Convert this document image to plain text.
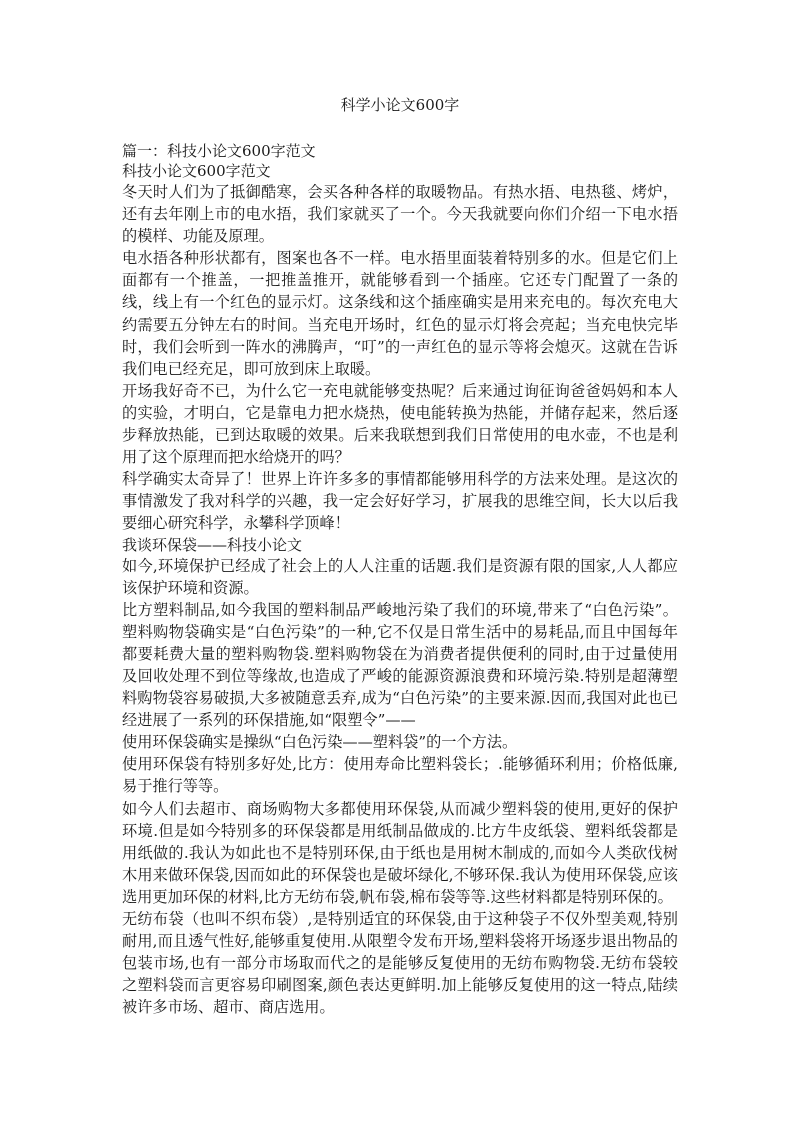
科学小论文600字
篇一：科技小论文600字范文
科技小论文600字范文

冬天时人们为了抵御酷寒，会买各种各样的取暖物品。有热水捂、电热毯、烤炉，还有去年刚上市的电水捂，我们家就买了一个。今天我就要向你们介绍一下电水捂的模样、功能及原理。

电水捂各种形状都有，图案也各不一样。电水捂里面装着特别多的水。但是它们上面都有一个推盖，一把推盖推开，就能够看到一个插座。它还专门配置了一条的线，线上有一个红色的显示灯。这条线和这个插座确实是用来充电的。每次充电大约需要五分钟左右的时间。当充电开场时，红色的显示灯将会亮起；当充电快完毕时，我们会听到一阵水的沸腾声，“叮”的一声红色的显示等将会熄灭。这就在告诉我们电已经充足，即可放到床上取暖。

开场我好奇不已，为什么它一充电就能够变热呢？后来通过询征询爸爸妈妈和本人的实验，才明白，它是靠电力把水烧热，使电能转换为热能，并储存起来，然后逐步释放热能，已到达取暖的效果。后来我联想到我们日常使用的电水壶，不也是利用了这个原理而把水给烧开的吗？

科学确实太奇异了！世界上许许多多的事情都能够用科学的方法来处理。是这次的事情激发了我对科学的兴趣，我一定会好好学习，扩展我的思维空间，长大以后我要细心研究科学，永攀科学顶峰！

我谈环保袋——科技小论文

如今,环境保护已经成了社会上的人人注重的话题.我们是资源有限的国家,人人都应该保护环境和资源。

比方塑料制品,如今我国的塑料制品严峻地污染了我们的环境,带来了“白色污染”。塑料购物袋确实是“白色污染”的一种,它不仅是日常生活中的易耗品,而且中国每年都要耗费大量的塑料购物袋.塑料购物袋在为消费者提供便利的同时,由于过量使用及回收处理不到位等缘故,也造成了严峻的能源资源浪费和环境污染.特别是超薄塑料购物袋容易破损,大多被随意丢弃,成为“白色污染”的主要来源.因而,我国对此也已经进展了一系列的环保措施,如“限塑令”——

使用环保袋确实是操纵“白色污染——塑料袋”的一个方法。

使用环保袋有特别多好处,比方：使用寿命比塑料袋长；.能够循环利用；价格低廉,易于推行等等。

如今人们去超市、商场购物大多都使用环保袋,从而减少塑料袋的使用,更好的保护环境.但是如今特别多的环保袋都是用纸制品做成的.比方牛皮纸袋、塑料纸袋都是用纸做的.我认为如此也不是特别环保,由于纸也是用树木制成的,而如今人类砍伐树木用来做环保袋,因而如此的环保袋也是破坏绿化,不够环保.我认为使用环保袋,应该选用更加环保的材料,比方无纺布袋,帆布袋,棉布袋等等.这些材料都是特别环保的。

无纺布袋（也叫不织布袋）,是特别适宜的环保袋,由于这种袋子不仅外型美观,特别耐用,而且透气性好,能够重复使用.从限塑令发布开场,塑料袋将开场逐步退出物品的包装市场,也有一部分市场取而代之的是能够反复使用的无纺布购物袋.无纺布袋较之塑料袋而言更容易印刷图案,颜色表达更鲜明.加上能够反复使用的这一特点,陆续被许多市场、超市、商店选用。
